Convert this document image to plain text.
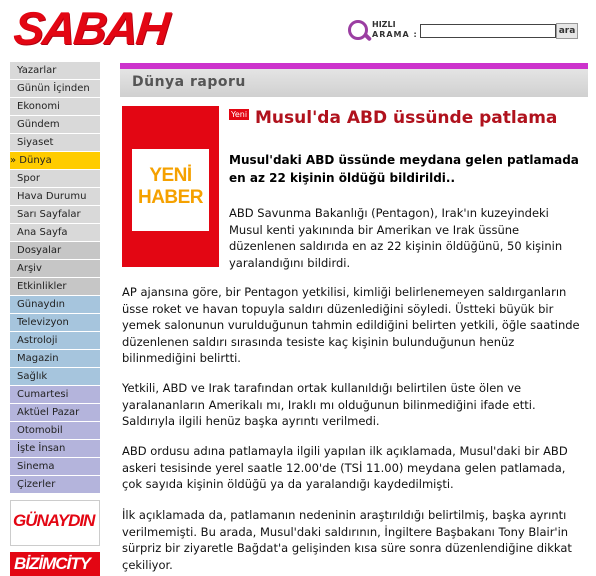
SABAH	HIZLI
ARAMA :	ara
Yazarlar
Günün İçinden
Ekonomi
Gündem
Siyaset
» Dünya
Spor
Hava Durumu
Sarı Sayfalar
Ana Sayfa
Dosyalar
Arşiv
Etkinlikler
Günaydın
Televizyon
Astroloji
Magazin
Sağlık
Cumartesi
Aktüel Pazar
Otomobil
İşte İnsan
Sinema
Çizerler
GÜNAYDIN
BİZİMCİTY
Dünya raporu
YENİ
HABER
Yeni Musul'da ABD üssünde patlama
Musul'daki ABD üssünde meydana gelen patlamada en az 22 kişinin öldüğü bildirildi..
ABD Savunma Bakanlığı (Pentagon), Irak'ın kuzeyindeki Musul kenti yakınında bir Amerikan ve Irak üssüne düzenlenen saldırıda en az 22 kişinin öldüğünü, 50 kişinin yaralandığını bildirdi.
AP ajansına göre, bir Pentagon yetkilisi, kimliği belirlenemeyen saldırganların üsse roket ve havan topuyla saldırı düzenlediğini söyledi. Üstteki büyük bir yemek salonunun vurulduğunun tahmin edildiğini belirten yetkili, öğle saatinde düzenlenen saldırı sırasında tesiste kaç kişinin bulunduğunun henüz bilinmediğini belirtti.
Yetkili, ABD ve Irak tarafından ortak kullanıldığı belirtilen üste ölen ve yaralananların Amerikalı mı, Iraklı mı olduğunun bilinmediğini ifade etti. Saldırıyla ilgili henüz başka ayrıntı verilmedi.
ABD ordusu adına patlamayla ilgili yapılan ilk açıklamada, Musul'daki bir ABD askeri tesisinde yerel saatle 12.00'de (TSİ 11.00) meydana gelen patlamada, çok sayıda kişinin öldüğü ya da yaralandığı kaydedilmişti.
İlk açıklamada da, patlamanın nedeninin araştırıldığı belirtilmiş, başka ayrıntı verilmemişti. Bu arada, Musul'daki saldırının, İngiltere Başbakanı Tony Blair'in sürpriz bir ziyaretle Bağdat'a gelişinden kısa süre sonra düzenlendiğine dikkat çekiliyor.
